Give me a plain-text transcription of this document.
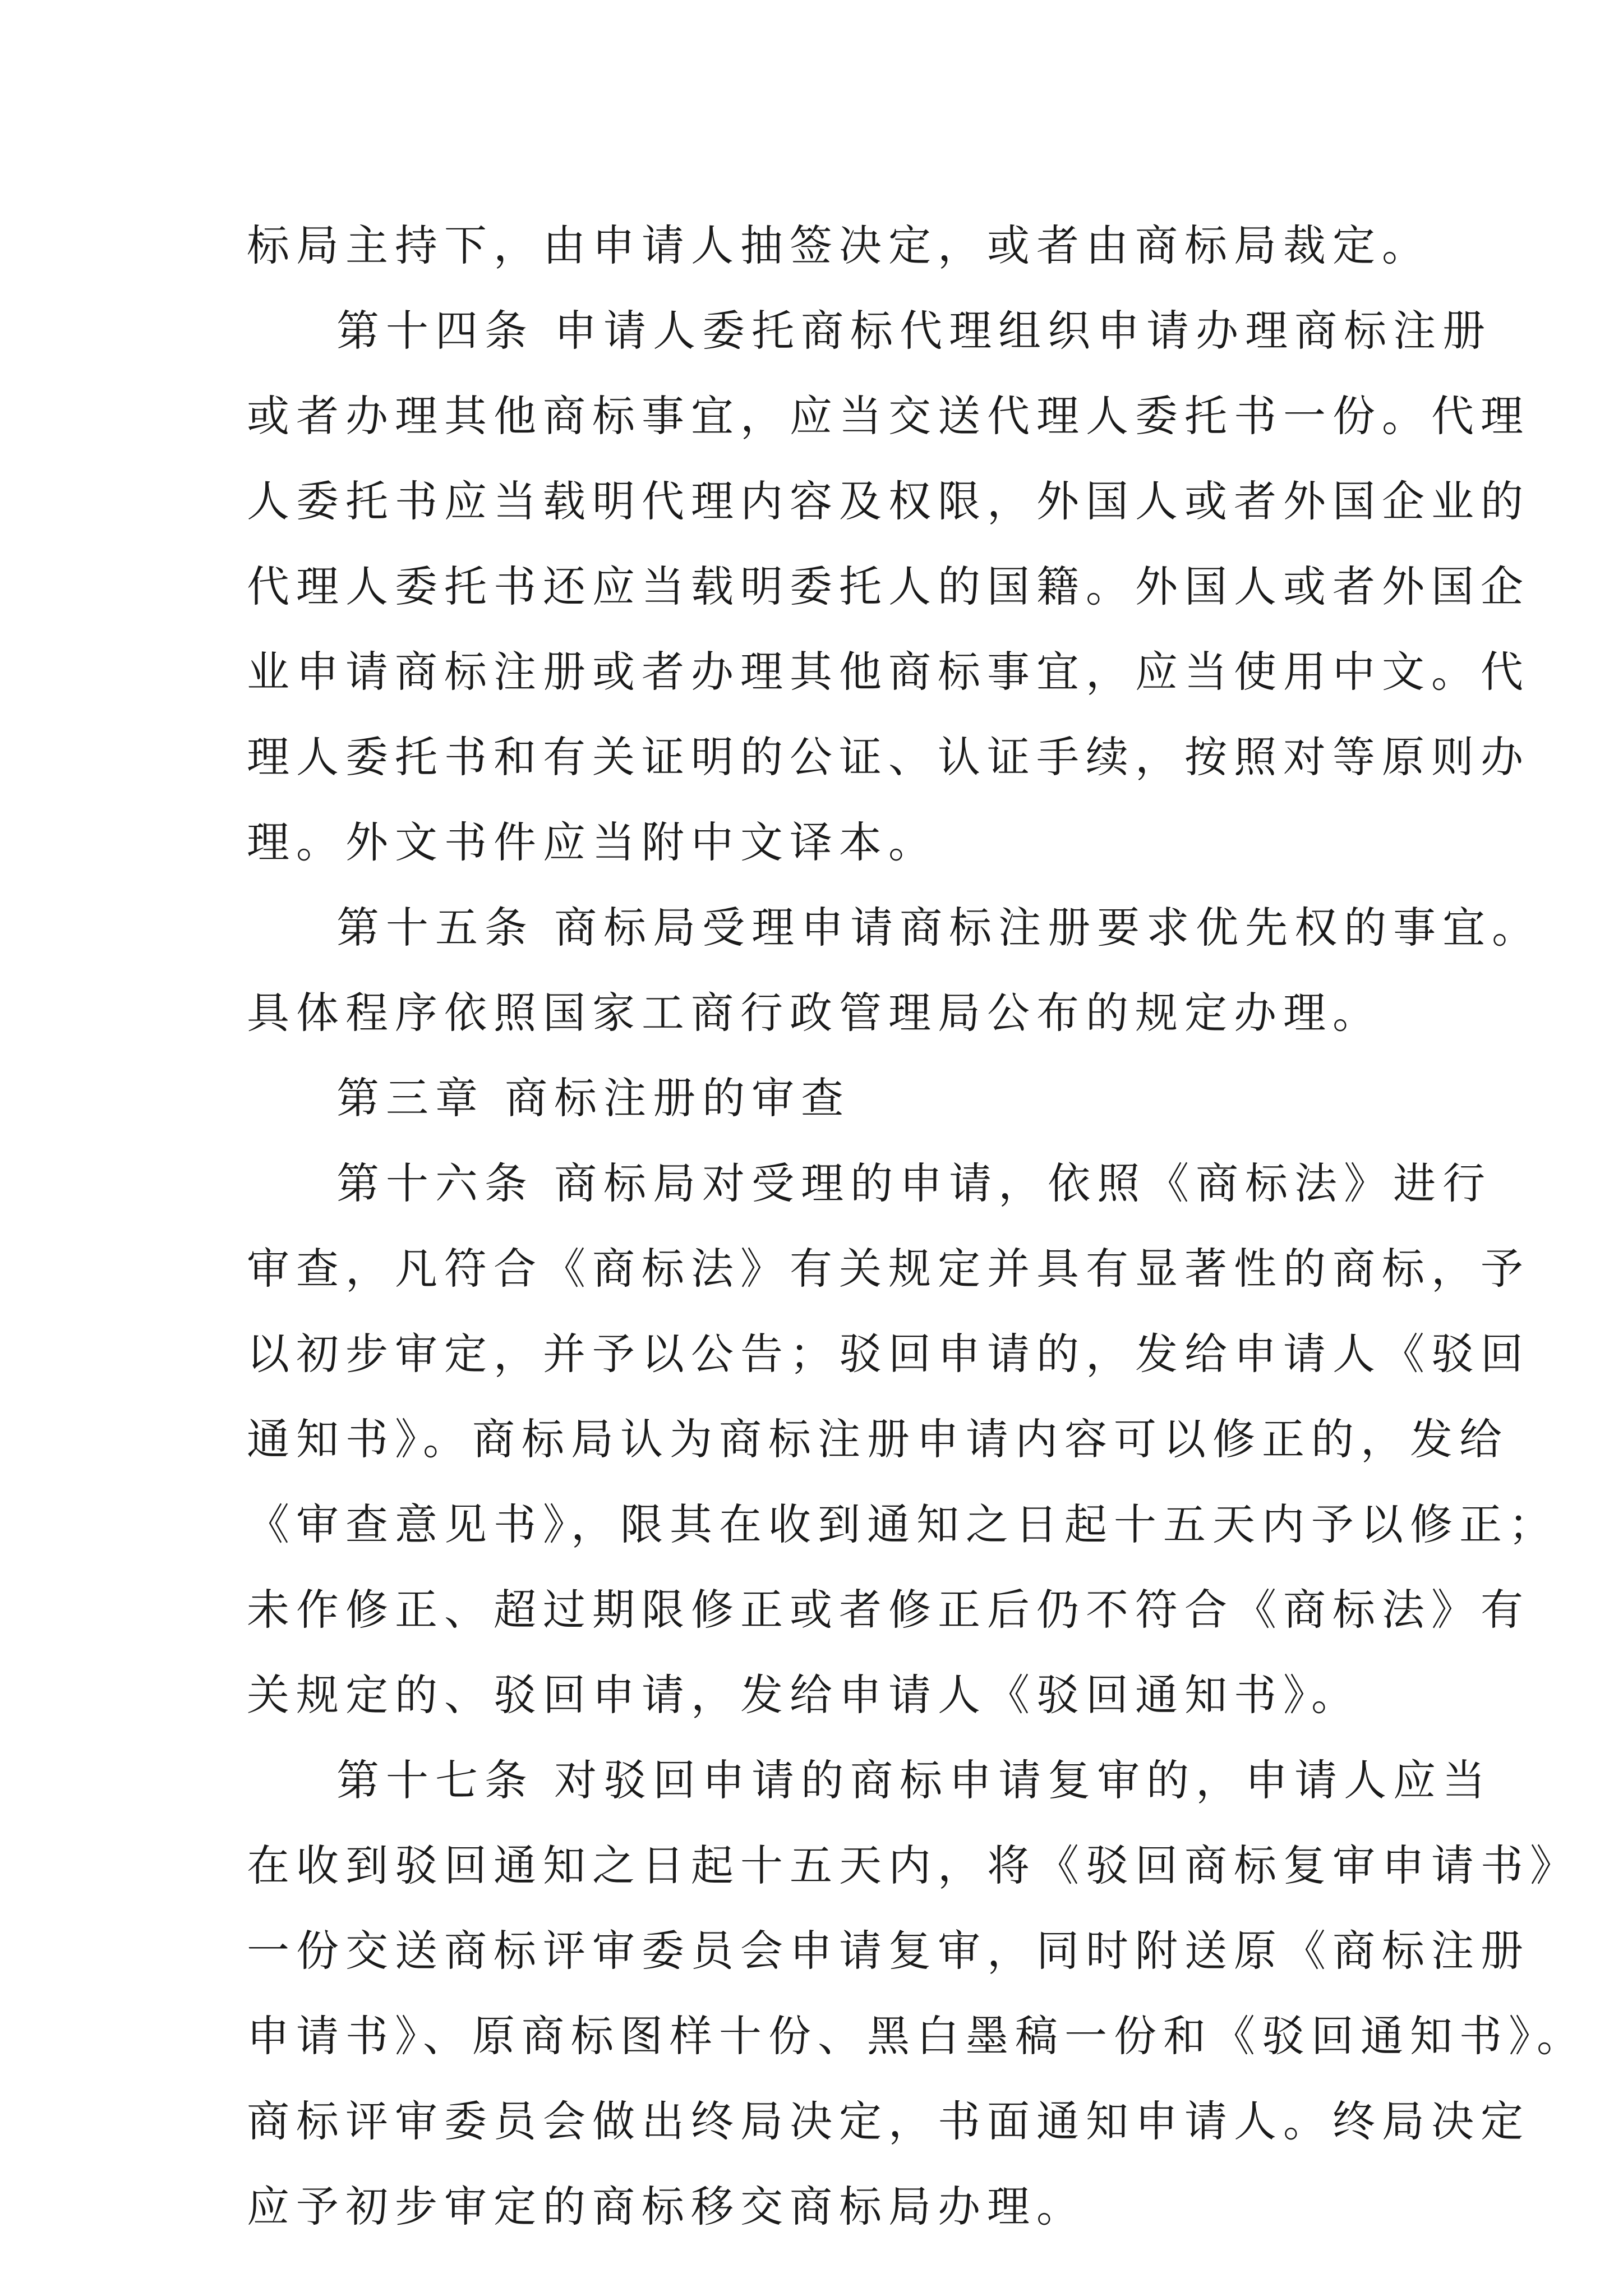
标局主持下，由申请人抽签决定，或者由商标局裁定。
第十四条 申请人委托商标代理组织申请办理商标注册
或者办理其他商标事宜，应当交送代理人委托书一份。代理
人委托书应当载明代理内容及权限，外国人或者外国企业的
代理人委托书还应当载明委托人的国籍。外国人或者外国企
业申请商标注册或者办理其他商标事宜，应当使用中文。代
理人委托书和有关证明的公证、认证手续，按照对等原则办
理。外文书件应当附中文译本。
第十五条 商标局受理申请商标注册要求优先权的事宜。
具体程序依照国家工商行政管理局公布的规定办理。
第三章 商标注册的审查
第十六条 商标局对受理的申请，依照《商标法》进行
审查，凡符合《商标法》有关规定并具有显著性的商标，予
以初步审定，并予以公告；驳回申请的，发给申请人《驳回
通知书》。商标局认为商标注册申请内容可以修正的，发给
《审查意见书》，限其在收到通知之日起十五天内予以修正；
未作修正、超过期限修正或者修正后仍不符合《商标法》有
关规定的、驳回申请，发给申请人《驳回通知书》。
第十七条 对驳回申请的商标申请复审的，申请人应当
在收到驳回通知之日起十五天内，将《驳回商标复审申请书》
一份交送商标评审委员会申请复审，同时附送原《商标注册
申请书》、原商标图样十份、黑白墨稿一份和《驳回通知书》。
商标评审委员会做出终局决定，书面通知申请人。终局决定
应予初步审定的商标移交商标局办理。
